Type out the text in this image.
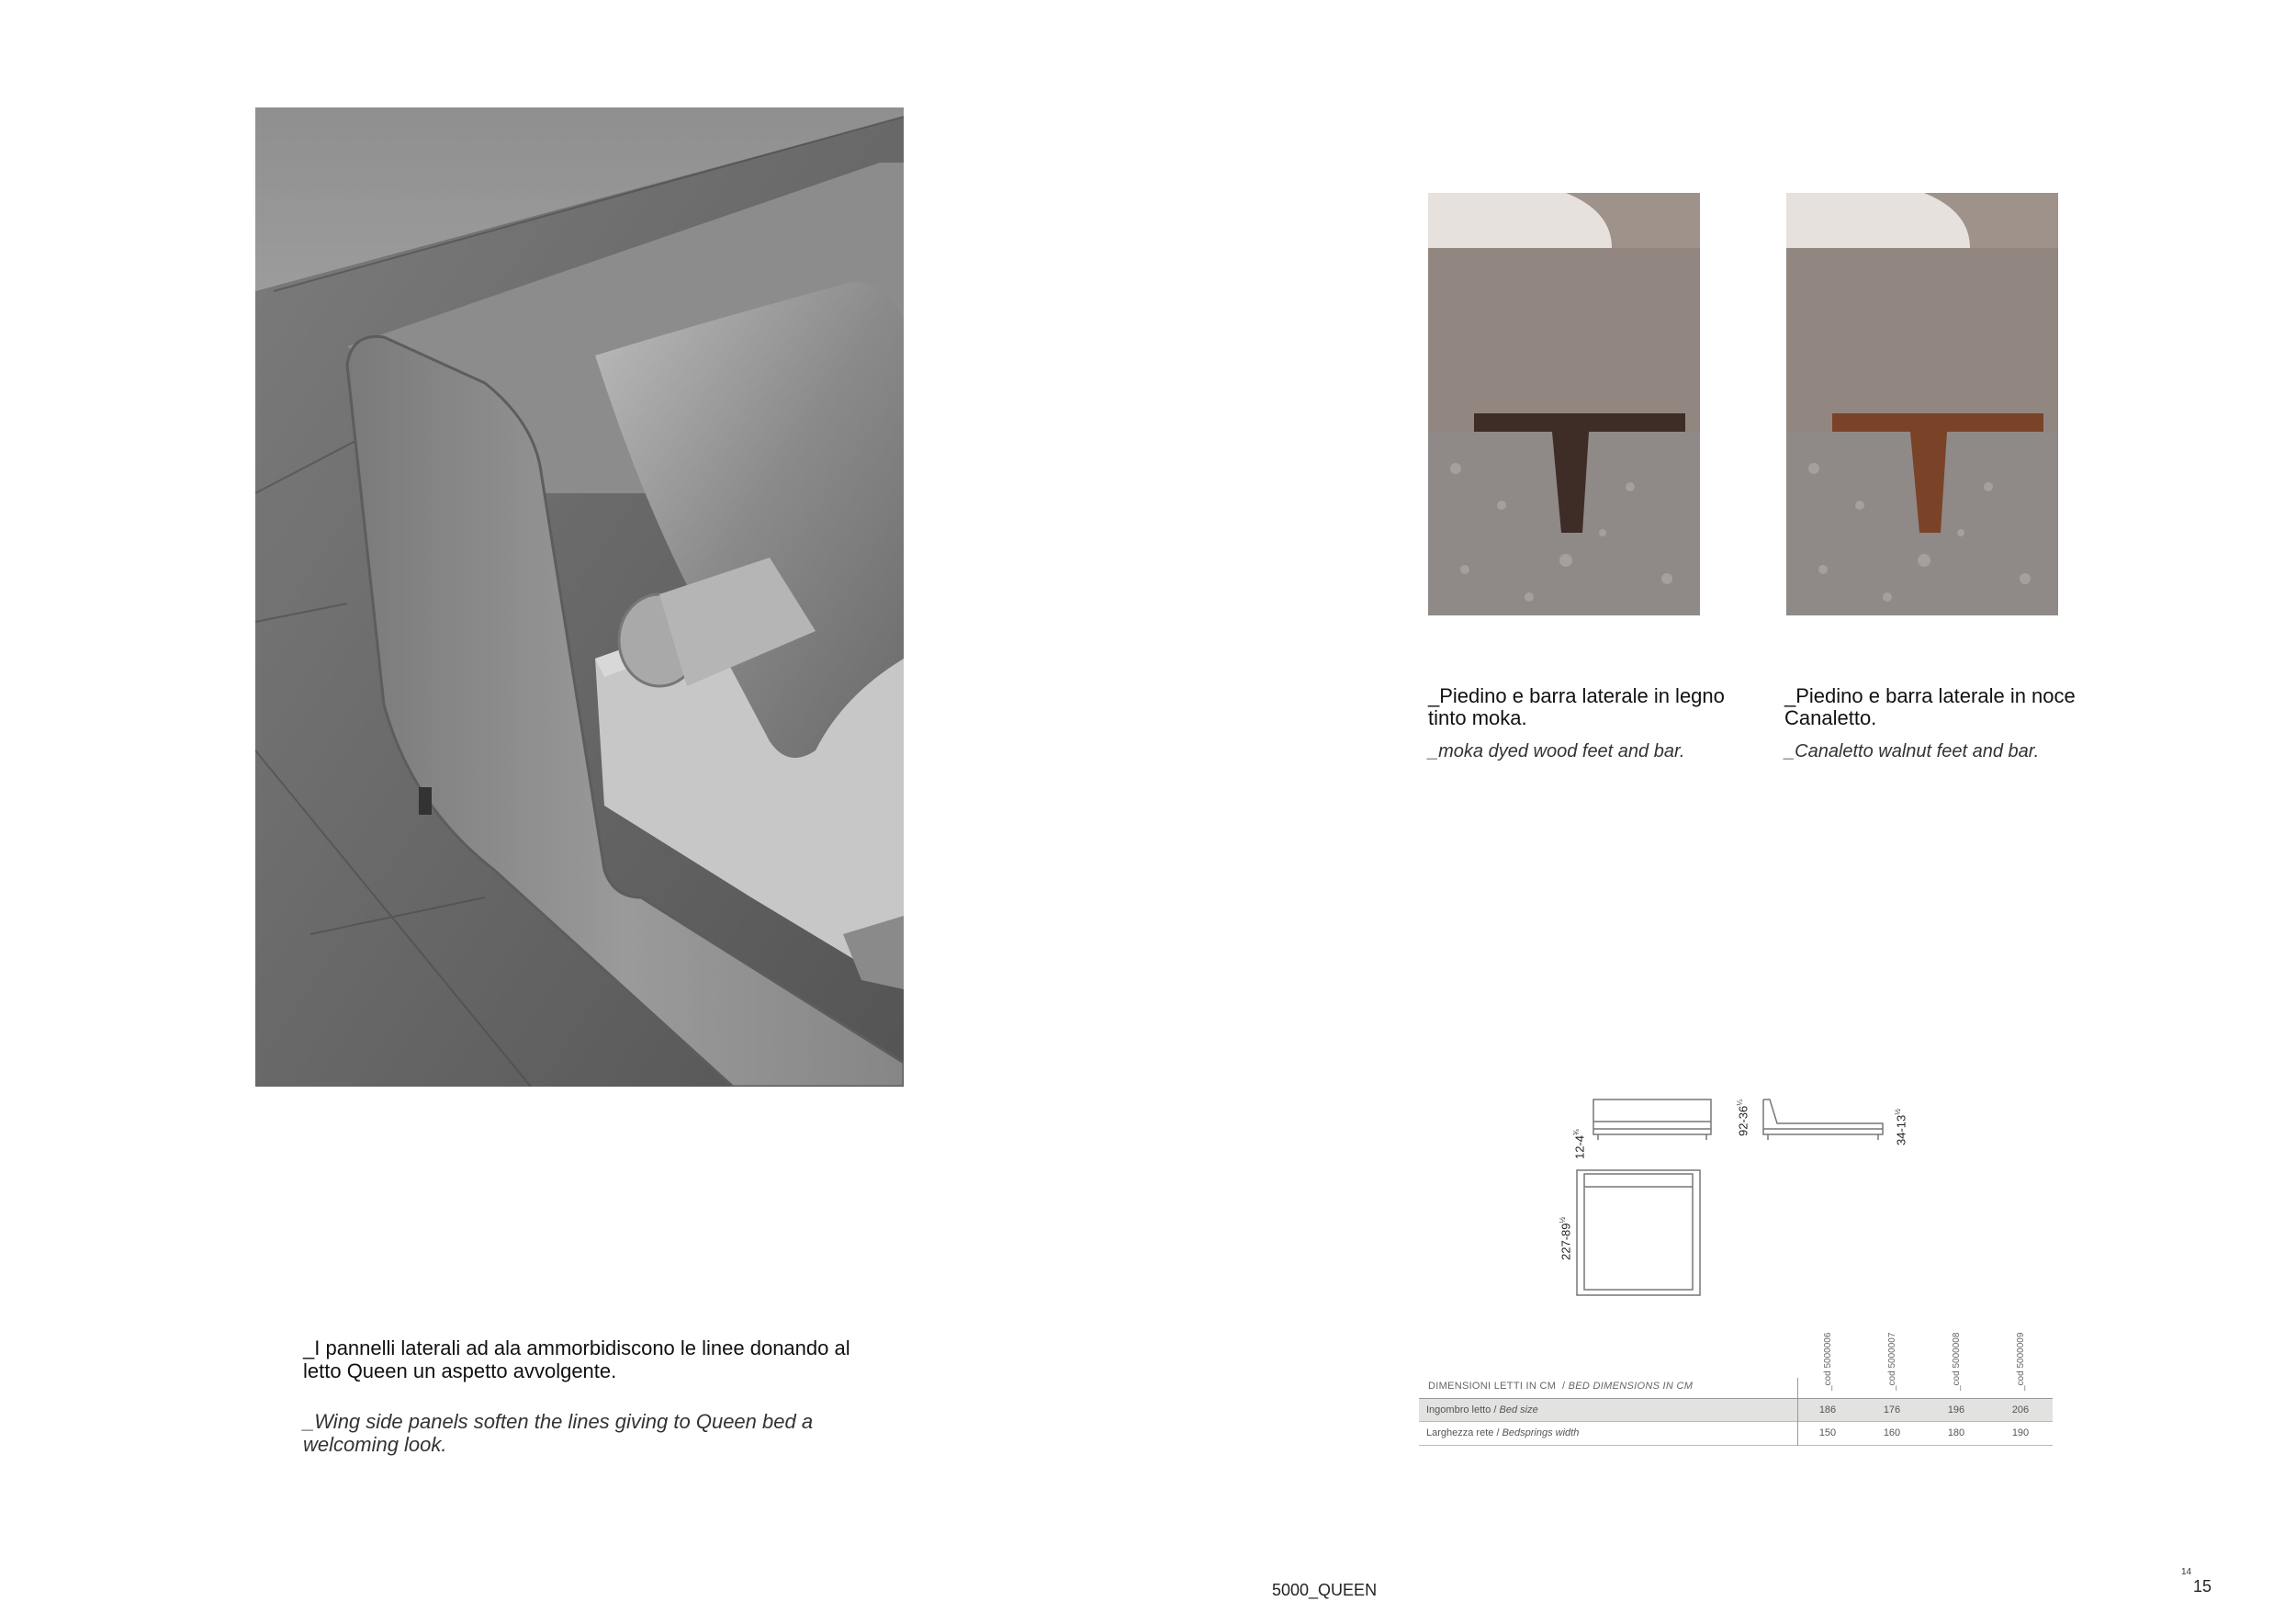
_I pannelli laterali ad ala ammorbidiscono le linee donando al
letto Queen un aspetto avvolgente.
_Wing side panels soften the lines giving to Queen bed a
welcoming look.
_Piedino e barra laterale in legno
tinto moka.
_moka dyed wood feet and bar.
_Piedino e barra laterale in noce
Canaletto.
_Canaletto walnut feet and bar.
$12-4^{\frac{3}{4}}$	$92-36^{\frac{1}{4}}$
$34-13^{\frac{1}{2}}$
$227-89^{\frac{1}{2}}$
DIMENSIONI LETTI IN CM / BED DIMENSIONS IN CM	_cod 5000006	_cod 5000007	_cod 5000008	_cod 5000009
Ingombro letto / Bed size	186	176	196	206
Larghezza rete / Bedsprings width	150	160	180	190
5000_QUEEN
14
15
